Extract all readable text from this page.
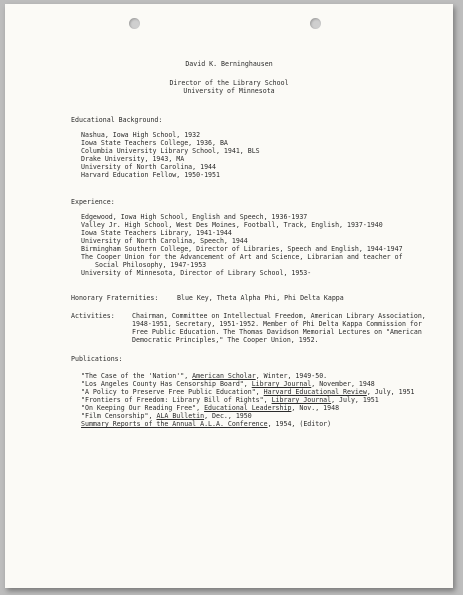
David K. Berninghausen
Director of the Library School
University of Minnesota
Educational Background:
Nashua, Iowa High School, 1932
Iowa State Teachers College, 1936, BA
Columbia University Library School, 1941, BLS
Drake University, 1943, MA
University of North Carolina, 1944
Harvard Education Fellow, 1950-1951
Experience:
Edgewood, Iowa High School, English and Speech, 1936-1937
Valley Jr. High School, West Des Moines, Football, Track, English, 1937-1940
Iowa State Teachers Library, 1941-1944
University of North Carolina, Speech, 1944
Birmingham Southern College, Director of Libraries, Speech and English, 1944-1947
The Cooper Union for the Advancement of Art and Science, Librarian and teacher of
Social Philosophy, 1947-1953
University of Minnesota, Director of Library School, 1953-
Honorary Fraternities:	Blue Key, Theta Alpha Phi, Phi Delta Kappa
Activities:	Chairman, Committee on Intellectual Freedom, American Library Association,
1948-1951, Secretary, 1951-1952. Member of Phi Delta Kappa Commission for
Free Public Education. The Thomas Davidson Memorial Lectures on "American
Democratic Principles," The Cooper Union, 1952.
Publications:
"The Case of the 'Nation'", American Scholar, Winter, 1949-50.
"Los Angeles County Has Censorship Board", Library Journal, November, 1948
"A Policy to Preserve Free Public Education", Harvard Educational Review, July, 1951
"Frontiers of Freedom: Library Bill of Rights", Library Journal, July, 1951
"On Keeping Our Reading Free", Educational Leadership, Nov., 1948
"Film Censorship", ALA Bulletin, Dec., 1950
Summary Reports of the Annual A.L.A. Conference, 1954, (Editor)
